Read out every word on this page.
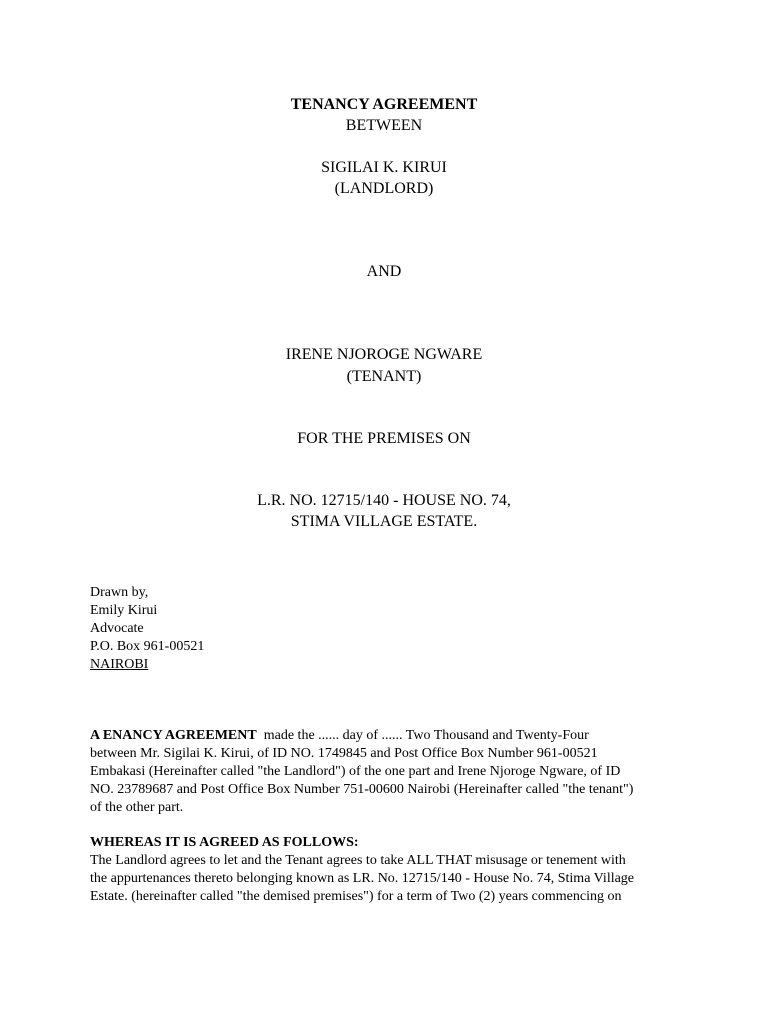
TENANCY AGREEMENT
BETWEEN
SIGILAI K. KIRUI
(LANDLORD)
AND
IRENE NJOROGE NGWARE
(TENANT)
FOR THE PREMISES ON
L.R. NO. 12715/140 - HOUSE NO. 74,
STIMA VILLAGE ESTATE.
Drawn by,
Emily Kirui
Advocate
P.O. Box 961-00521
NAIROBI
A ENANCY AGREEMENT  made the ...... day of ...... Two Thousand and Twenty-Four
between Mr. Sigilai K. Kirui, of ID NO. 1749845 and Post Office Box Number 961-00521
Embakasi (Hereinafter called "the Landlord") of the one part and Irene Njoroge Ngware, of ID
NO. 23789687 and Post Office Box Number 751-00600 Nairobi (Hereinafter called "the tenant")
of the other part.
WHEREAS IT IS AGREED AS FOLLOWS:
The Landlord agrees to let and the Tenant agrees to take ALL THAT misusage or tenement with
the appurtenances thereto belonging known as LR. No. 12715/140 - House No. 74, Stima Village
Estate. (hereinafter called "the demised premises") for a term of Two (2) years commencing on
